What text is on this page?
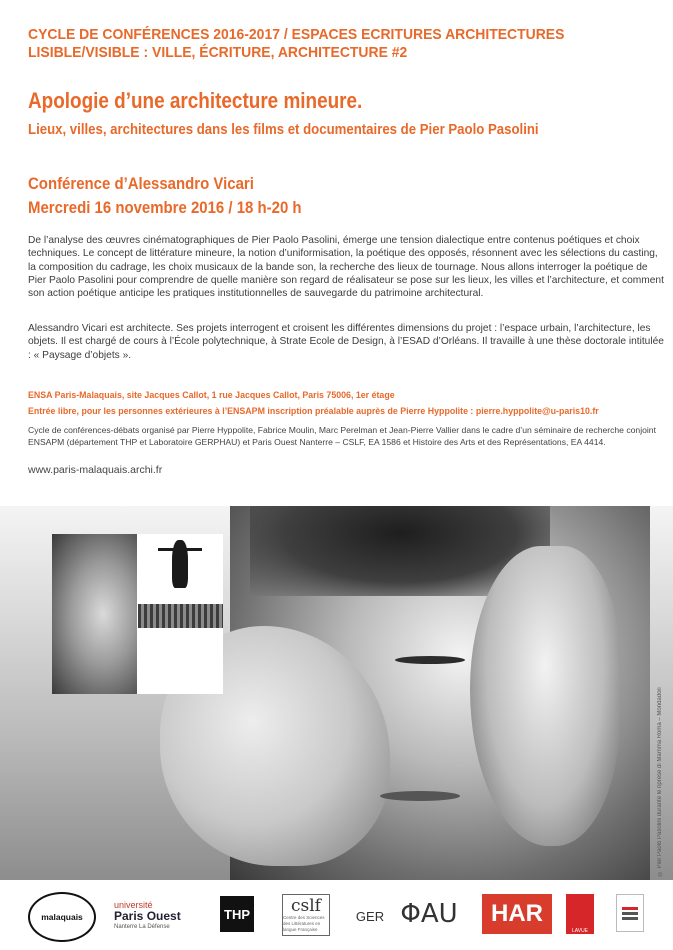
CYCLE DE CONFÉRENCES 2016-2017 / ESPACES ECRITURES ARCHITECTURES
LISIBLE/VISIBLE : VILLE, ÉCRITURE, ARCHITECTURE #2
Apologie d’une architecture mineure.
Lieux, villes, architectures dans les films et documentaires de Pier Paolo Pasolini
Conférence d’Alessandro Vicari
Mercredi 16 novembre 2016 / 18 h-20 h
De l’analyse des œuvres cinématographiques de Pier Paolo Pasolini, émerge une tension dialectique entre contenus poétiques et choix techniques. Le concept de littérature mineure, la notion d’uniformisation, la poétique des opposés, résonnent avec les sélections du casting, la composition du cadrage, les choix musicaux de la bande son, la recherche des lieux de tournage. Nous allons interroger la poétique de Pier Paolo Pasolini pour comprendre de quelle manière son regard de réalisateur se pose sur les lieux, les villes et l’architecture, et comment son action poétique anticipe les pratiques institutionnelles de sauvegarde du patrimoine architectural.
Alessandro Vicari est architecte. Ses projets interrogent et croisent les différentes dimensions du projet : l’espace urbain, l’architecture, les objets. Il est chargé de cours à l’École polytechnique, à Strate Ecole de Design, à l’ESAD d’Orléans. Il travaille à une thèse doctorale intitulée : « Paysage d’objets ».
ENSA Paris-Malaquais, site Jacques Callot, 1 rue Jacques Callot, Paris 75006, 1er étage
Entrée libre, pour les personnes extérieures à l’ENSAPM inscription préalable auprès de Pierre Hyppolite : pierre.hyppolite@u-paris10.fr
Cycle de conférences-débats organisé par Pierre Hyppolite, Fabrice Moulin, Marc Perelman et Jean-Pierre Vallier dans le cadre d’un séminaire de recherche conjoint ENSAPM (département THP et Laboratoire GERPHAU) et Paris Ouest Nanterre – CSLF, EA 1586 et Histoire des Arts et des Représentations, EA 4414.
www.paris-malaquais.archi.fr
© Pier Paolo Pasolini durante le riprese di Mamma Roma – Mondadori
malaquais
université
Paris Ouest
Nanterre La Défense
THP cslf
Centre des Sciences des Littératures en langue Française
GER ΦAU HAR
LAVUE
